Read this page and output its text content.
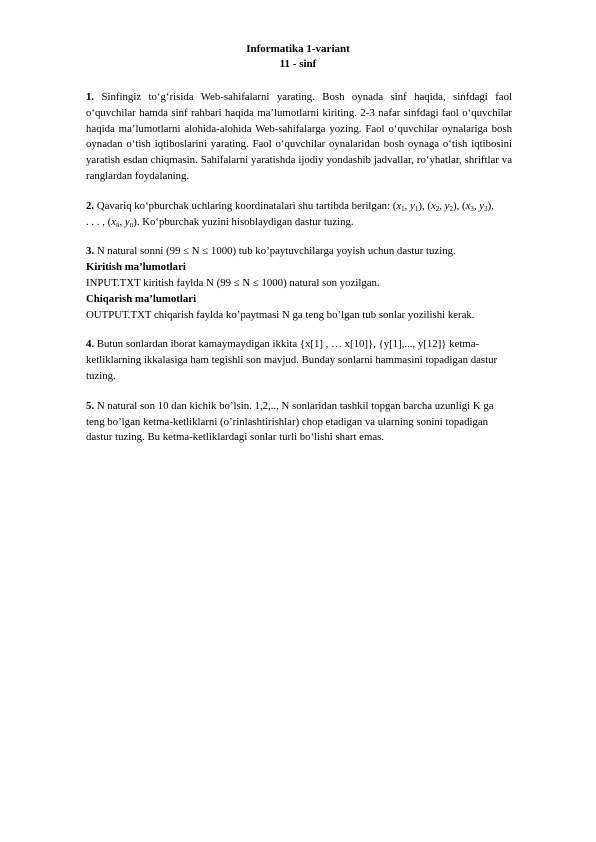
Informatika 1-variant
11 - sinf
1. Sinfingiz to‘g‘risida Web-sahifalarni yarating. Bosh oynada sinf haqida, sinfdagi faol o‘quvchilar hamda sinf rahbari haqida ma’lumotlarni kiriting. 2-3 nafar sinfdagi faol o‘quvchilar haqida ma’lumotlarni alohida-alohida Web-sahifalarga yozing. Faol o‘quvchilar oynalariga bosh oynadan o‘tish iqtiboslarini yarating. Faol o‘quvchilar oynalaridan bosh oynaga o‘tish iqtibosini yaratish esdan chiqmasin. Sahifalarni yaratishda ijodiy yondashib jadvallar, ro‘yhatlar, shriftlar va ranglardan foydalaning.
2. Qavariq ko‘pburchak uchlaring koordinatalari shu tartibda berilgan: ($x_1$, $y_1$), ($x_2$, $y_2$), ($x_3$, $y_3$),
. . . , ($x_n$, $y_n$). Ko‘pburchak yuzini hisoblaydigan dastur tuzing.
3. N natural sonni (99 ≤ N ≤ 1000) tub ko’paytuvchilarga yoyish uchun dastur tuzing.
Kiritish ma’lumotlari
INPUT.TXT kiritish faylda N (99 ≤ N ≤ 1000) natural son yozilgan.
Chiqarish ma’lumotlari
OUTPUT.TXT chiqarish faylda ko’paytmasi N ga teng bo’lgan tub sonlar yozilishi kerak.
4. Butun sonlardan iborat kamaymaydigan ikkita {x[1] , … x[10]}, {y[1],..., y[12]} ketma-ketliklarning ikkalasiga ham tegishli son mavjud. Bunday sonlarni hammasini topadigan dastur tuzing.
5. N natural son 10 dan kichik bo’lsin. 1,2,.., N sonlaridan tashkil topgan barcha uzunligi K ga teng bo’lgan ketma-ketliklarni (o’rinlashtirishlar) chop etadigan va ularning sonini topadigan dastur tuzing. Bu ketma-ketliklardagi sonlar turli bo‘lishi shart emas.
